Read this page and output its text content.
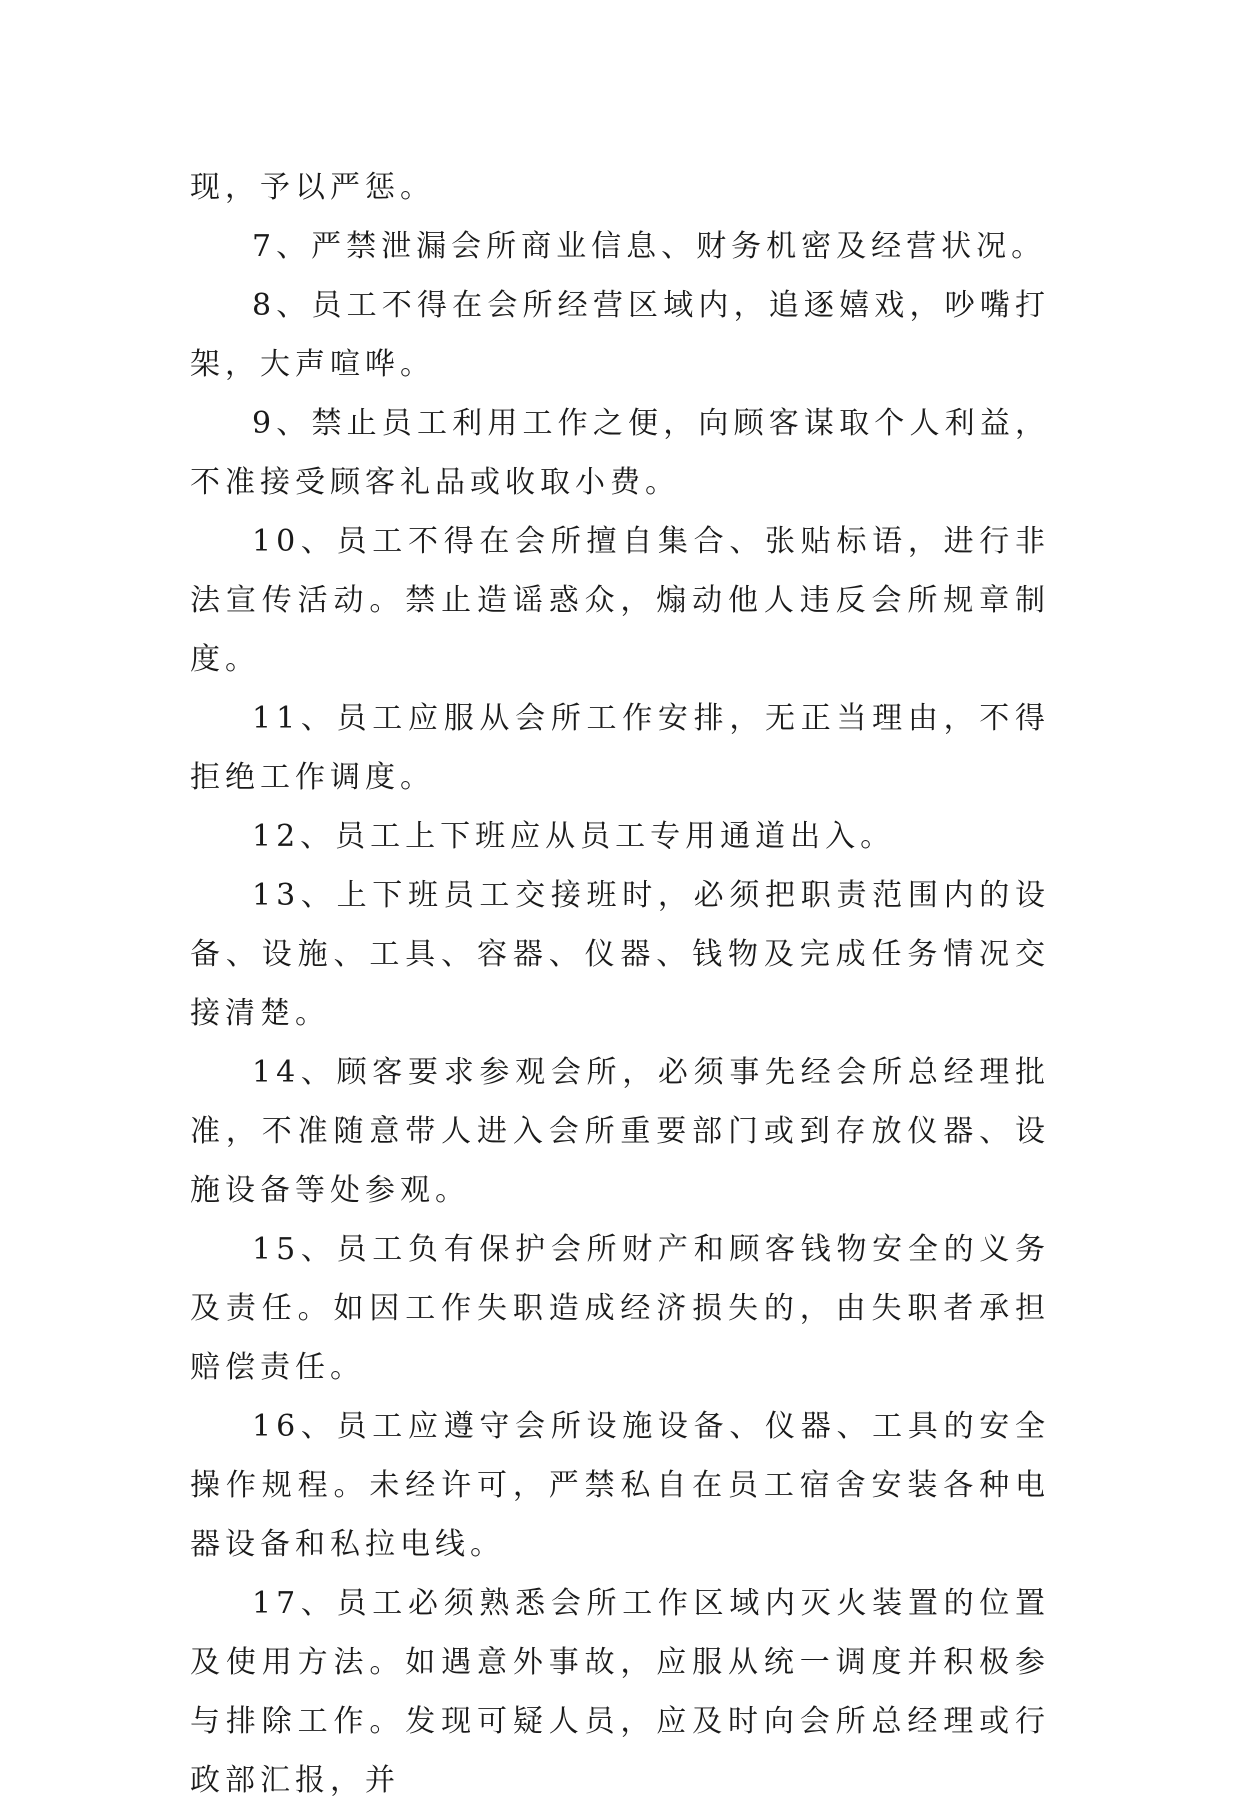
现，予以严惩。

7、严禁泄漏会所商业信息、财务机密及经营状况。

8、员工不得在会所经营区域内，追逐嬉戏，吵嘴打架，大声喧哗。

9、禁止员工利用工作之便，向顾客谋取个人利益，不准接受顾客礼品或收取小费。

10、员工不得在会所擅自集合、张贴标语，进行非法宣传活动。禁止造谣惑众，煽动他人违反会所规章制度。

11、员工应服从会所工作安排，无正当理由，不得拒绝工作调度。

12、员工上下班应从员工专用通道出入。

13、上下班员工交接班时，必须把职责范围内的设备、设施、工具、容器、仪器、钱物及完成任务情况交接清楚。

14、顾客要求参观会所，必须事先经会所总经理批准，不准随意带人进入会所重要部门或到存放仪器、设施设备等处参观。

15、员工负有保护会所财产和顾客钱物安全的义务及责任。如因工作失职造成经济损失的，由失职者承担赔偿责任。

16、员工应遵守会所设施设备、仪器、工具的安全操作规程。未经许可，严禁私自在员工宿舍安装各种电器设备和私拉电线。

17、员工必须熟悉会所工作区域内灭火装置的位置及使用方法。如遇意外事故，应服从统一调度并积极参与排除工作。发现可疑人员，应及时向会所总经理或行政部汇报，并
